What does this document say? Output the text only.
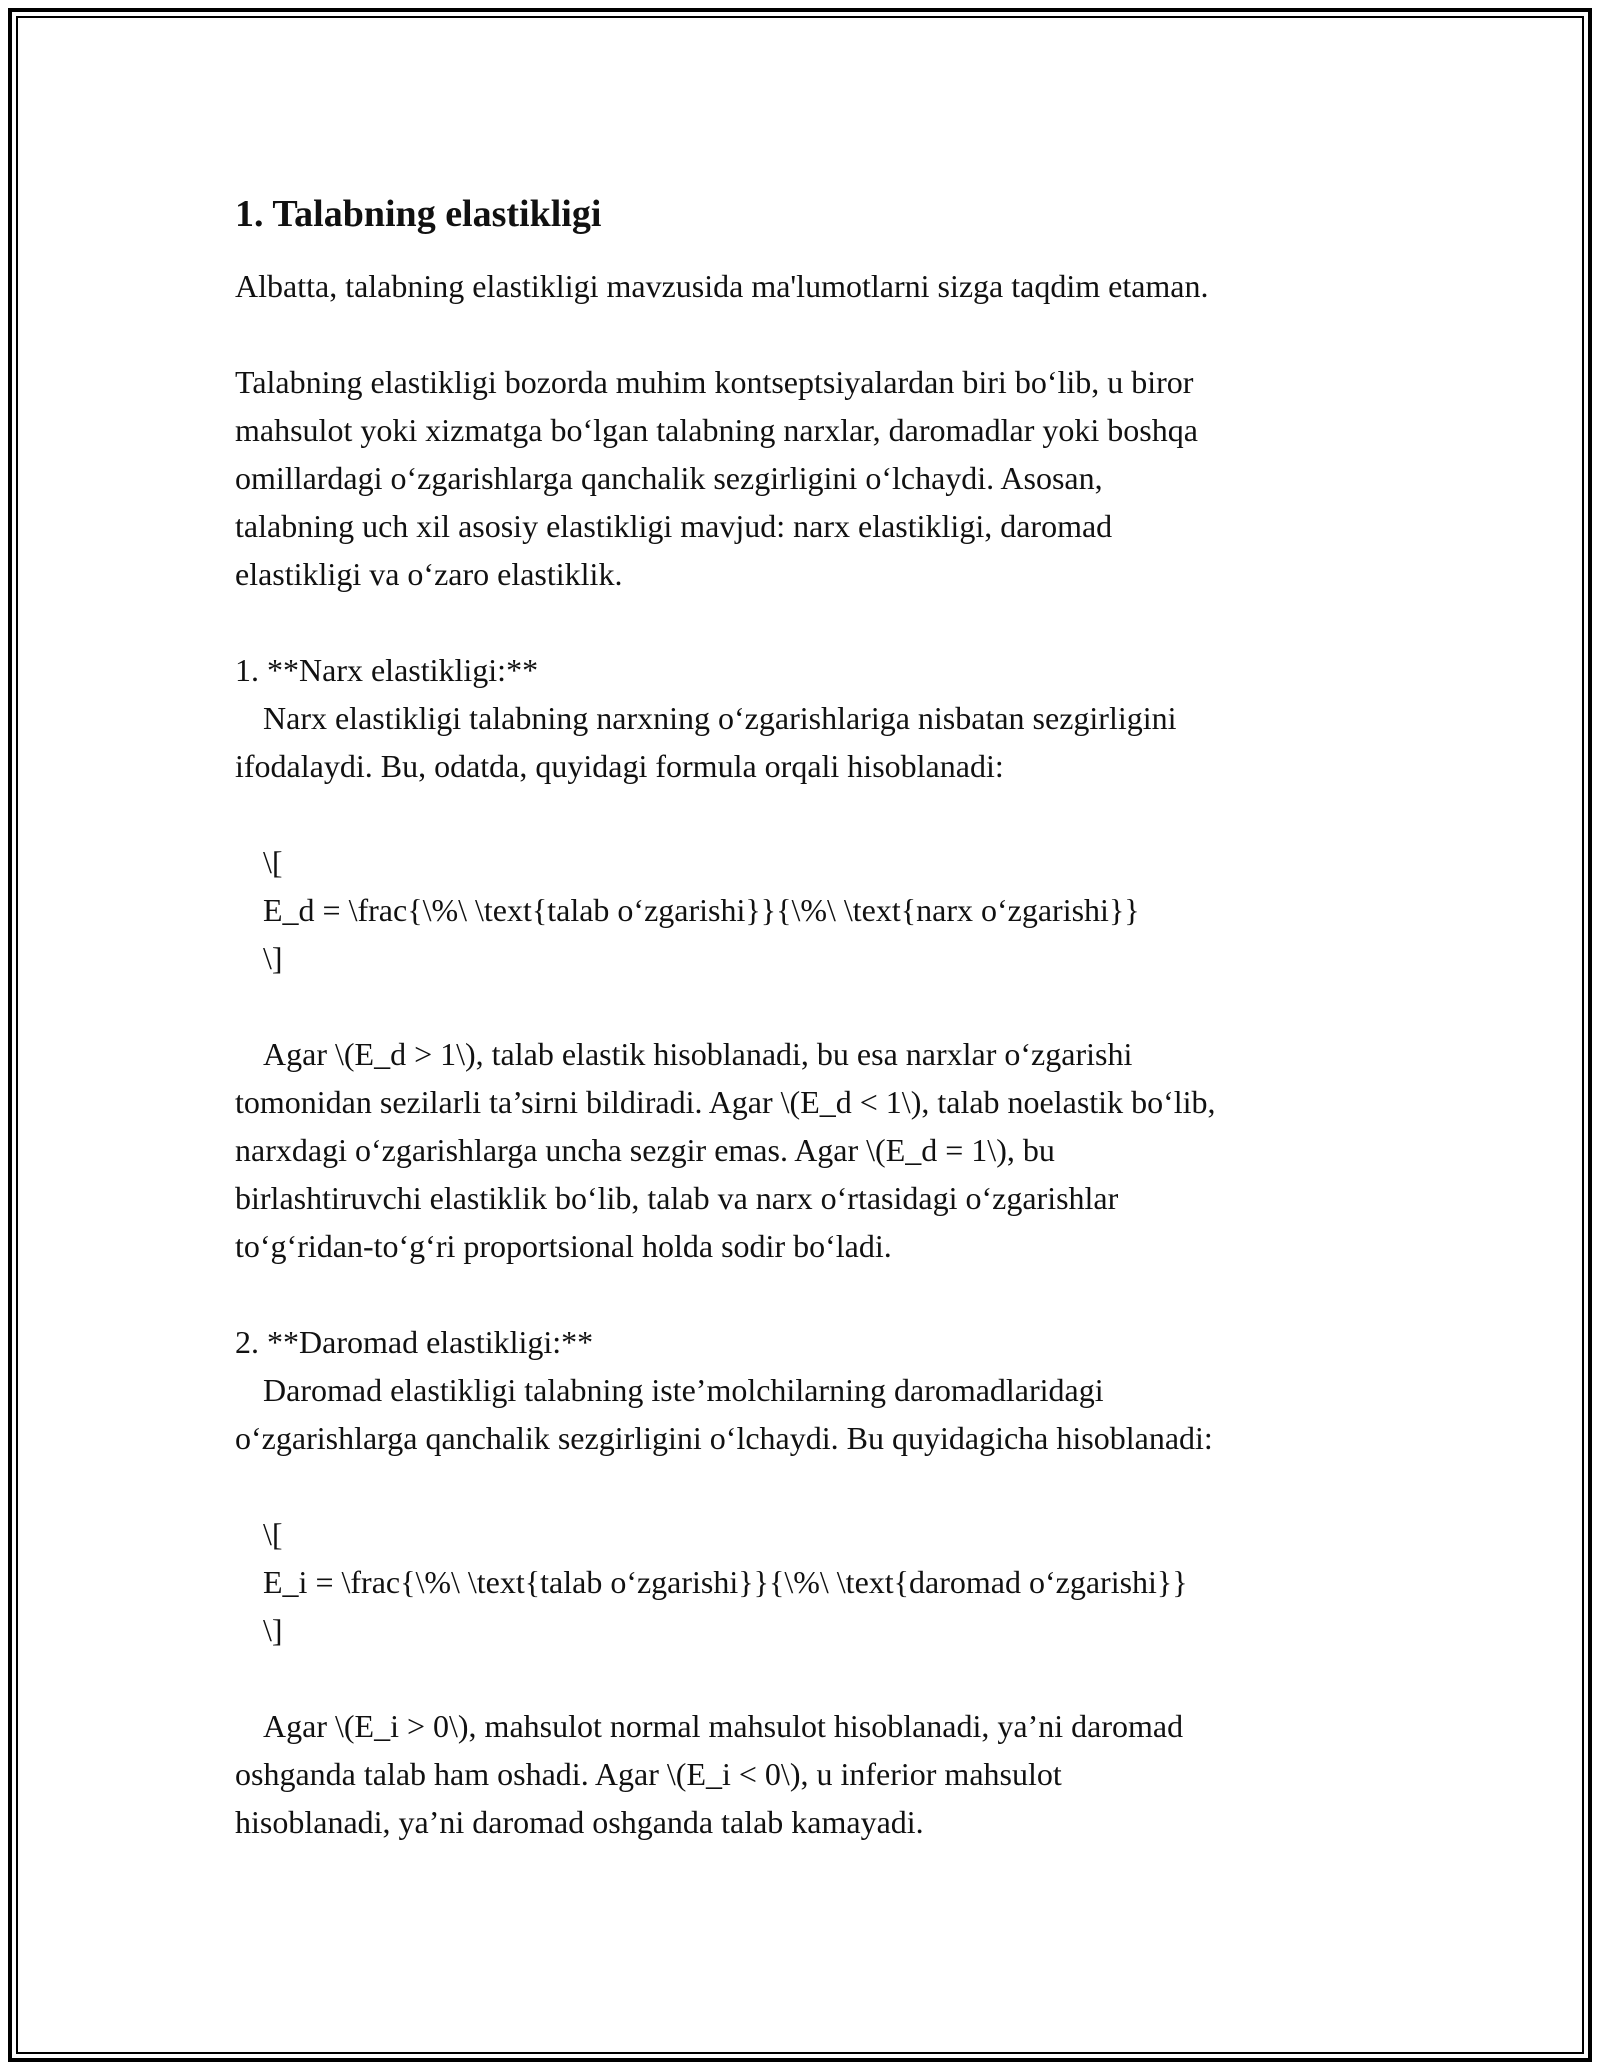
1. Talabning elastikligi

Albatta, talabning elastikligi mavzusida ma'lumotlarni sizga taqdim etaman.

Talabning elastikligi bozorda muhim kontseptsiyalardan biri bo‘lib, u biror

mahsulot yoki xizmatga bo‘lgan talabning narxlar, daromadlar yoki boshqa

omillardagi o‘zgarishlarga qanchalik sezgirligini o‘lchaydi. Asosan,

talabning uch xil asosiy elastikligi mavjud: narx elastikligi, daromad

elastikligi va o‘zaro elastiklik.

1. **Narx elastikligi:**

Narx elastikligi talabning narxning o‘zgarishlariga nisbatan sezgirligini

ifodalaydi. Bu, odatda, quyidagi formula orqali hisoblanadi:

\[

E_d = \frac{\%\ \text{talab o‘zgarishi}}{\%\ \text{narx o‘zgarishi}}

\]

Agar \(E_d > 1\), talab elastik hisoblanadi, bu esa narxlar o‘zgarishi

tomonidan sezilarli ta’sirni bildiradi. Agar \(E_d < 1\), talab noelastik bo‘lib,

narxdagi o‘zgarishlarga uncha sezgir emas. Agar \(E_d = 1\), bu

birlashtiruvchi elastiklik bo‘lib, talab va narx o‘rtasidagi o‘zgarishlar

to‘g‘ridan-to‘g‘ri proportsional holda sodir bo‘ladi.

2. **Daromad elastikligi:**

Daromad elastikligi talabning iste’molchilarning daromadlaridagi

o‘zgarishlarga qanchalik sezgirligini o‘lchaydi. Bu quyidagicha hisoblanadi:

\[

E_i = \frac{\%\ \text{talab o‘zgarishi}}{\%\ \text{daromad o‘zgarishi}}

\]

Agar \(E_i > 0\), mahsulot normal mahsulot hisoblanadi, ya’ni daromad

oshganda talab ham oshadi. Agar \(E_i < 0\), u inferior mahsulot

hisoblanadi, ya’ni daromad oshganda talab kamayadi.
